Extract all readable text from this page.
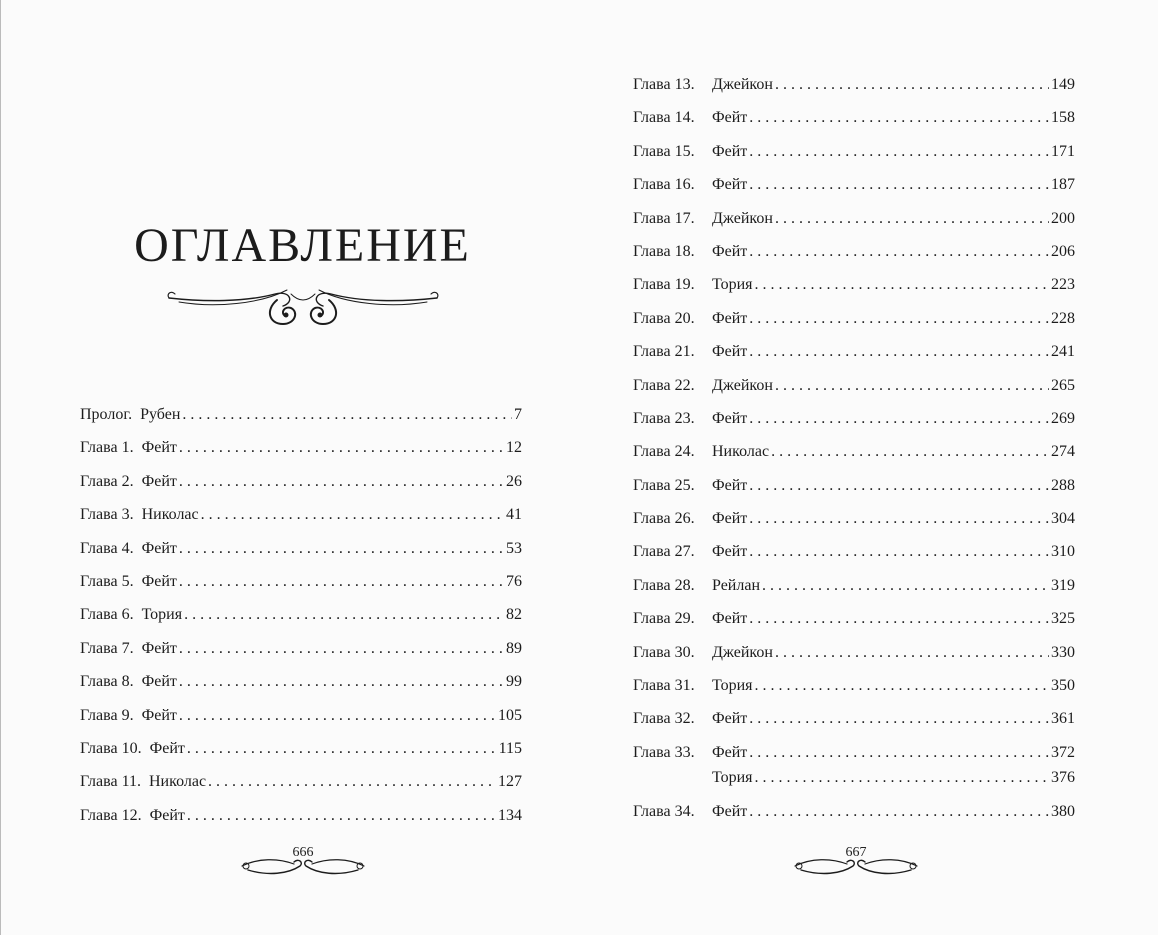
ОГЛАВЛЕНИЕ
Пролог. Рубен . . .	7
Глава 1. Фейт . . .	12
Глава 2. Фейт . . .	26
Глава 3. Николас . . .	41
Глава 4. Фейт . . .	53
Глава 5. Фейт . . .	76
Глава 6. Тория . . .	82
Глава 7. Фейт . . .	89
Глава 8. Фейт . . .	99
Глава 9. Фейт . . .	105
Глава 10. Фейт . . .	115
Глава 11. Николас . . .	127
Глава 12. Фейт . . .	134
666
Глава 13.	Джейкон . . .	149
Глава 14.	Фейт . . .	158
Глава 15.	Фейт . . .	171
Глава 16.	Фейт . . .	187
Глава 17.	Джейкон . . .	200
Глава 18.	Фейт . . .	206
Глава 19.	Тория . . .	223
Глава 20.	Фейт . . .	228
Глава 21.	Фейт . . .	241
Глава 22.	Джейкон . . .	265
Глава 23.	Фейт . . .	269
Глава 24.	Николас . . .	274
Глава 25.	Фейт . . .	288
Глава 26.	Фейт . . .	304
Глава 27.	Фейт . . .	310
Глава 28.	Рейлан . . .	319
Глава 29.	Фейт . . .	325
Глава 30.	Джейкон . . .	330
Глава 31.	Тория . . .	350
Глава 32.	Фейт . . .	361
Глава 33.	Фейт . . .	372
Тория . . .	376
Глава 34.	Фейт . . .	380
667
